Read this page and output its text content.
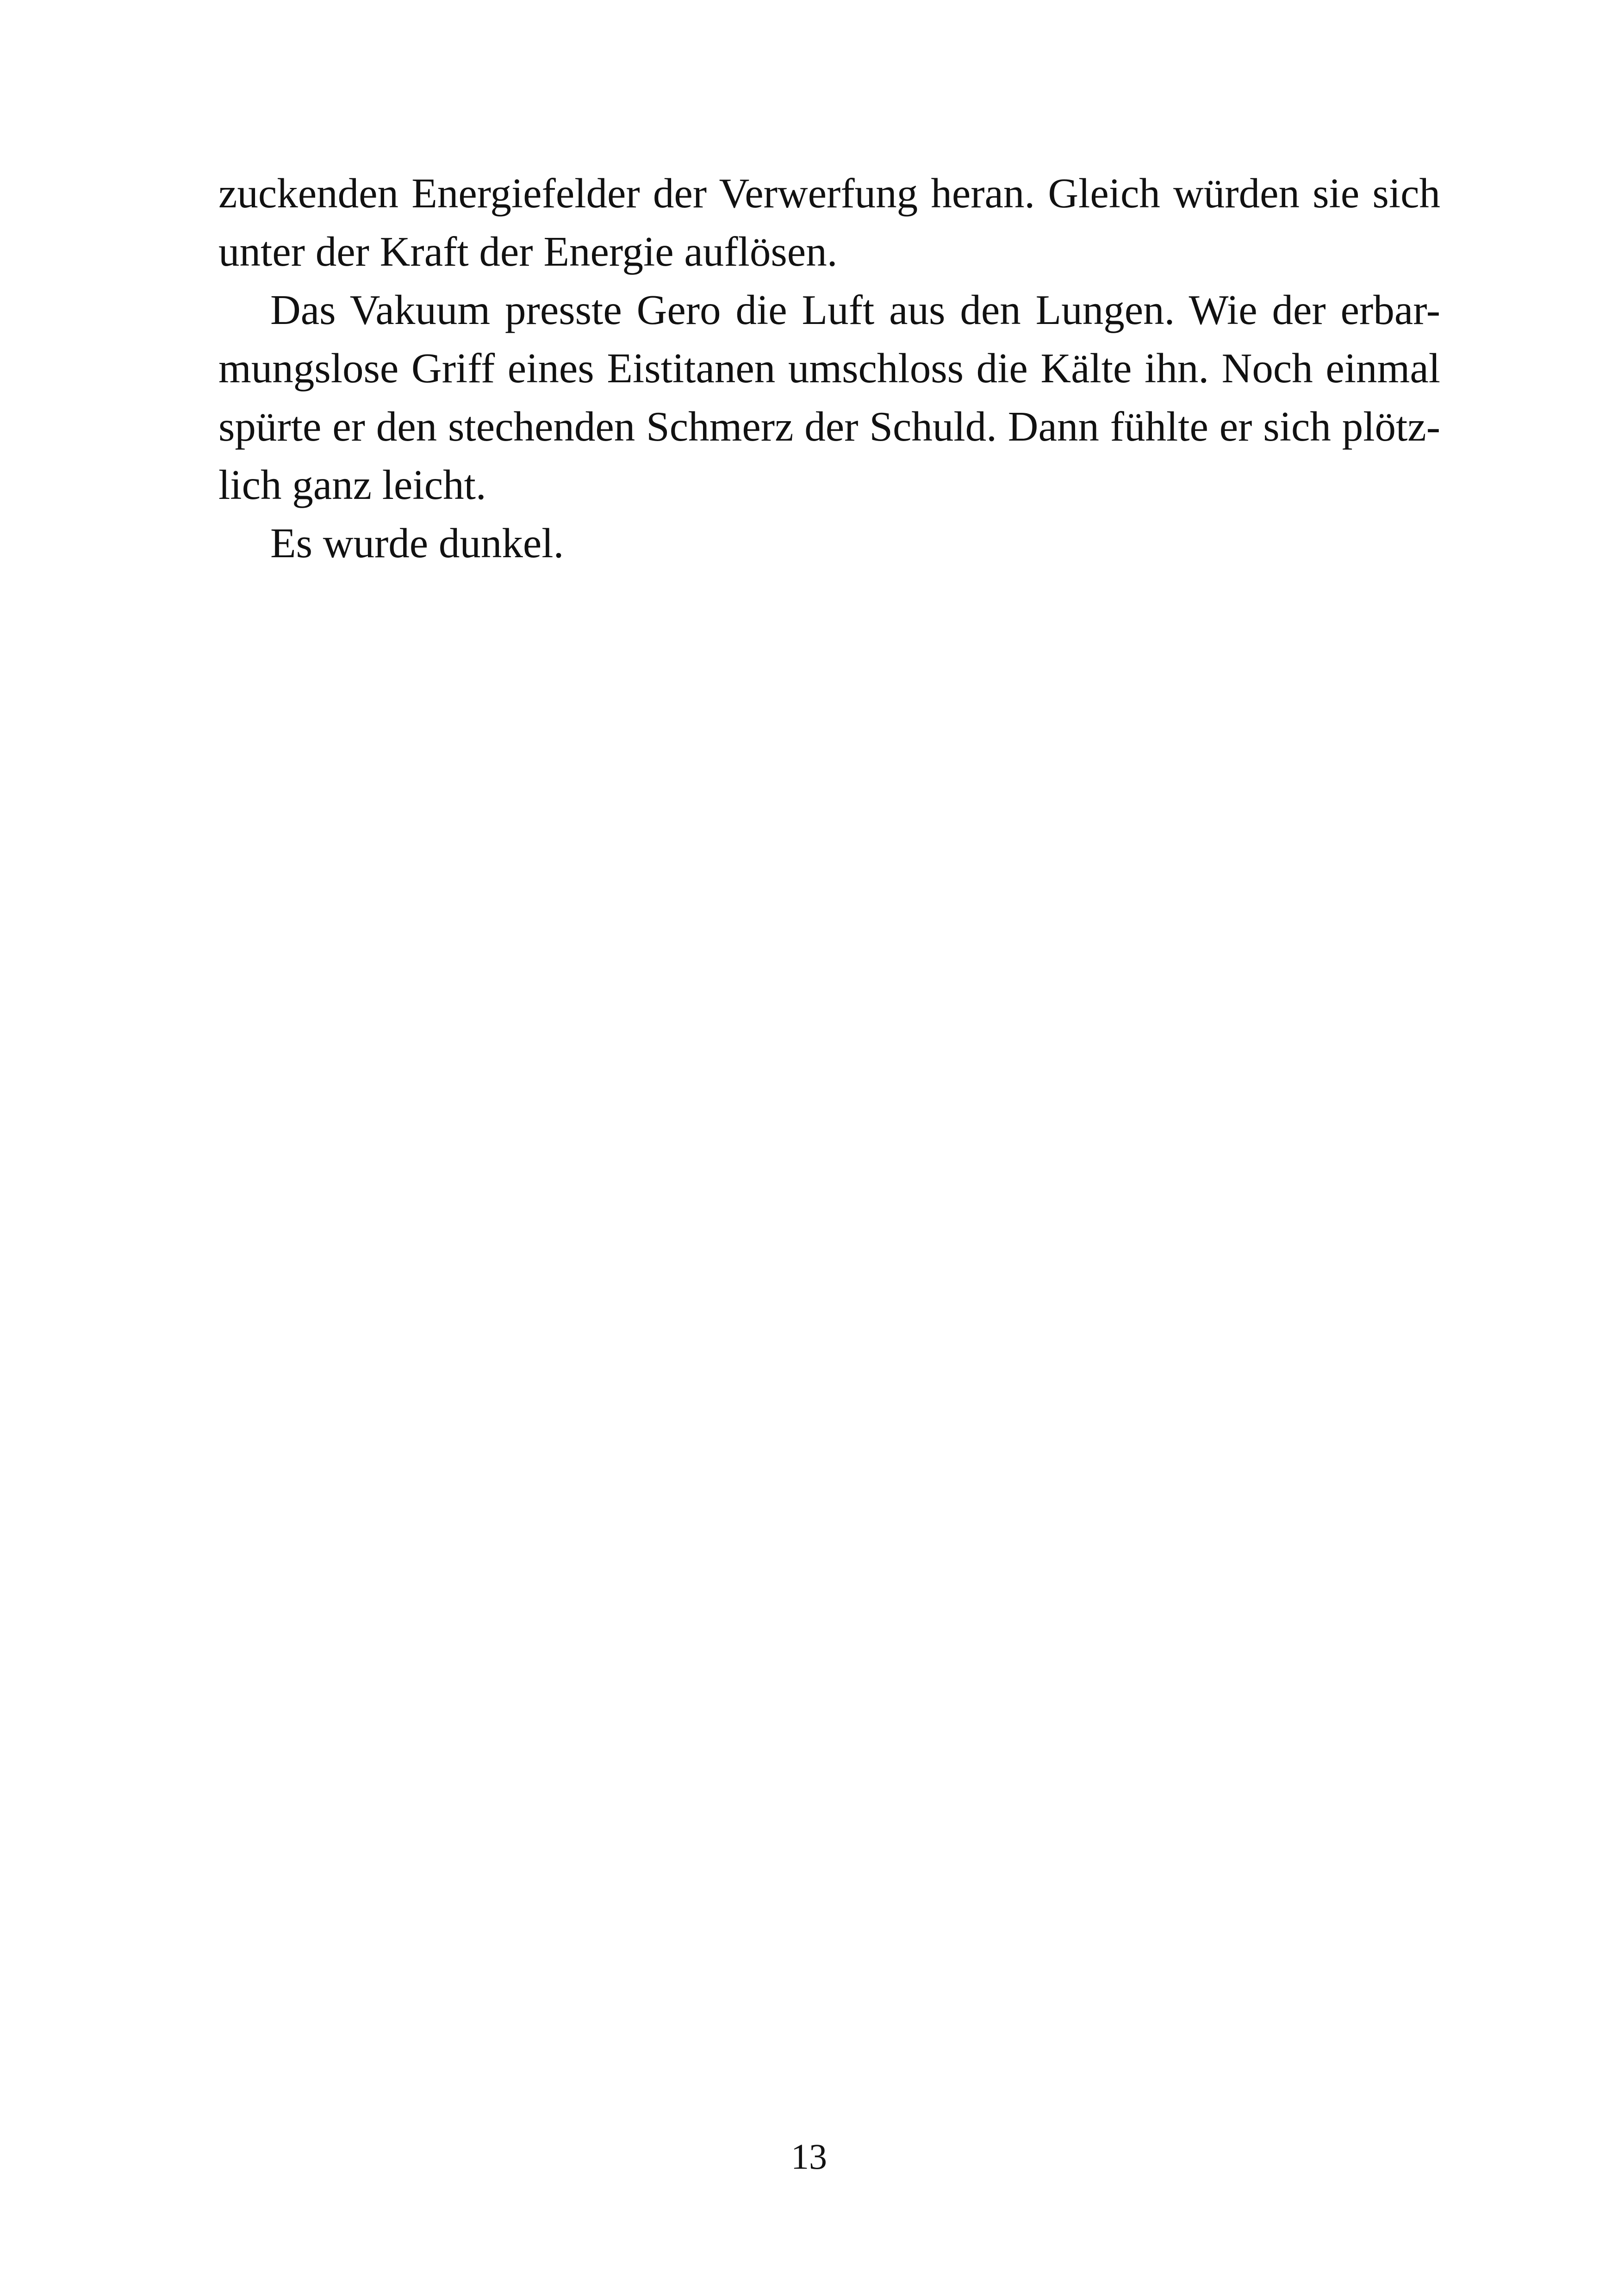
zuckenden Energiefelder der Verwerfung heran. Gleich würden sie sich
unter der Kraft der Energie auflösen.
Das Vakuum presste Gero die Luft aus den Lungen. Wie der erbar-
mungslose Griff eines Eistitanen umschloss die Kälte ihn. Noch einmal
spürte er den stechenden Schmerz der Schuld. Dann fühlte er sich plötz-
lich ganz leicht.
Es wurde dunkel.
13
